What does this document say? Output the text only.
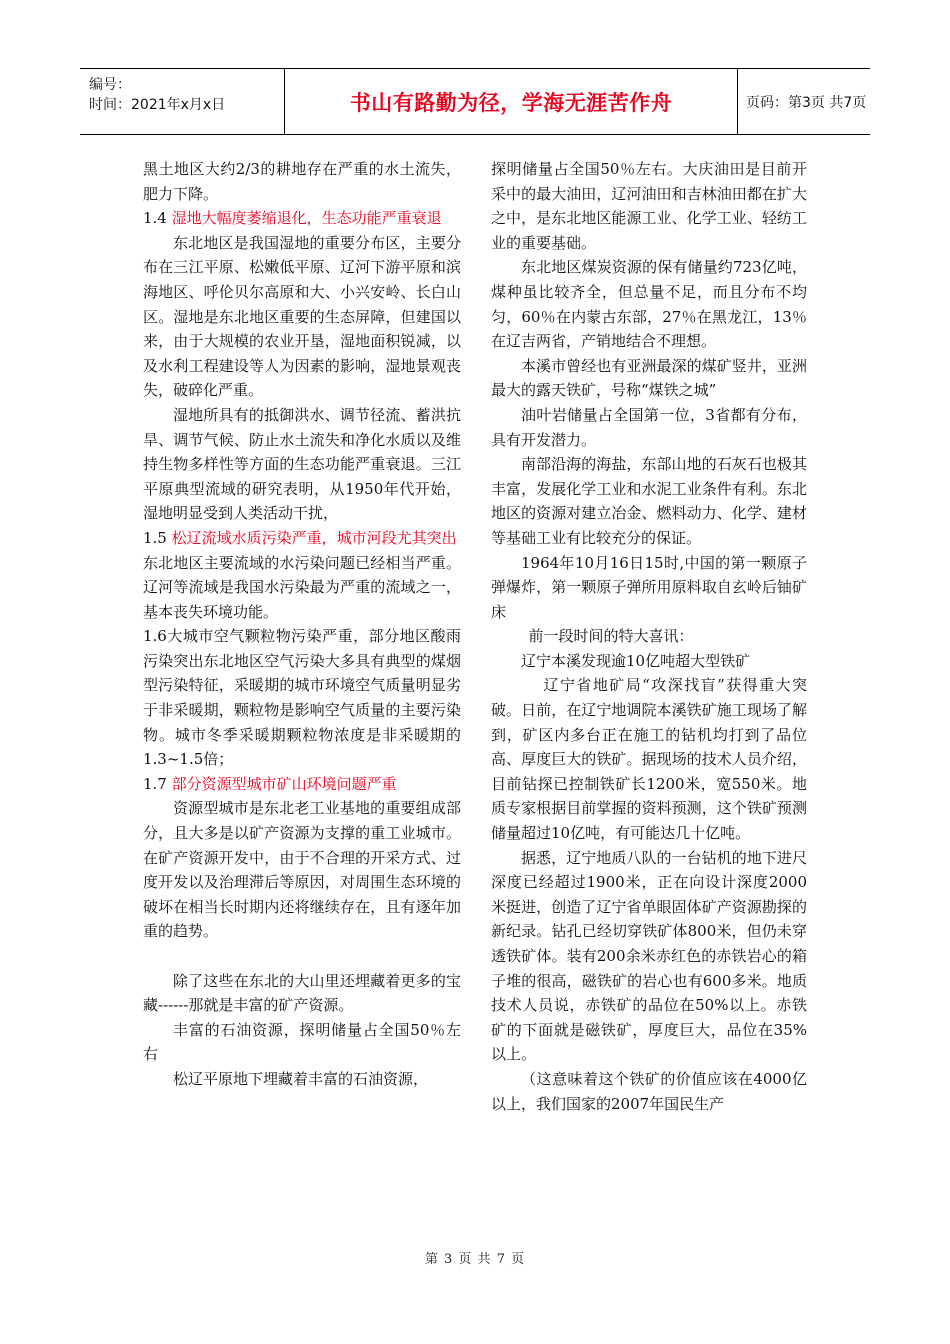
编号：
时间：2021年x月x日	书山有路勤为径，学海无涯苦作舟	页码：第3页 共7页

黑土地区大约2/3的耕地存在严重的水土流失，肥力下降。

1.4 湿地大幅度萎缩退化，生态功能严重衰退

东北地区是我国湿地的重要分布区，主要分布在三江平原、松嫩低平原、辽河下游平原和滨海地区、呼伦贝尔高原和大、小兴安岭、长白山区。湿地是东北地区重要的生态屏障，但建国以来，由于大规模的农业开垦，湿地面积锐减，以及水利工程建设等人为因素的影响，湿地景观丧失，破碎化严重。

湿地所具有的抵御洪水、调节径流、蓄洪抗旱、调节气候、防止水土流失和净化水质以及维持生物多样性等方面的生态功能严重衰退。三江平原典型流域的研究表明，从1950年代开始，湿地明显受到人类活动干扰，

1.5 松辽流域水质污染严重，城市河段尤其突出

东北地区主要流域的水污染问题已经相当严重。辽河等流域是我国水污染最为严重的流域之一，基本丧失环境功能。

1.6大城市空气颗粒物污染严重，部分地区酸雨污染突出东北地区空气污染大多具有典型的煤烟型污染特征，采暖期的城市环境空气质量明显劣于非采暖期，颗粒物是影响空气质量的主要污染物。城市冬季采暖期颗粒物浓度是非采暖期的1.3~1.5倍；

1.7 部分资源型城市矿山环境问题严重

资源型城市是东北老工业基地的重要组成部分，且大多是以矿产资源为支撑的重工业城市。在矿产资源开发中，由于不合理的开采方式、过度开发以及治理滞后等原因，对周围生态环境的破坏在相当长时期内还将继续存在，且有逐年加重的趋势。

除了这些在东北的大山里还埋藏着更多的宝藏------那就是丰富的矿产资源。

丰富的石油资源，探明储量占全国50％左右

松辽平原地下埋藏着丰富的石油资源，

探明储量占全国50％左右。大庆油田是目前开采中的最大油田，辽河油田和吉林油田都在扩大之中，是东北地区能源工业、化学工业、轻纺工业的重要基础。

东北地区煤炭资源的保有储量约723亿吨，煤种虽比较齐全，但总量不足，而且分布不均匀，60％在内蒙古东部，27％在黑龙江，13％在辽吉两省，产销地结合不理想。

本溪市曾经也有亚洲最深的煤矿竖井，亚洲最大的露天铁矿，号称“煤铁之城”

油叶岩储量占全国第一位，3省都有分布，具有开发潜力。

南部沿海的海盐，东部山地的石灰石也极其丰富，发展化学工业和水泥工业条件有利。东北地区的资源对建立冶金、燃料动力、化学、建材等基础工业有比较充分的保证。

1964年10月16日15时,中国的第一颗原子弹爆炸，第一颗原子弹所用原料取自玄岭后铀矿床

前一段时间的特大喜讯：

辽宁本溪发现逾10亿吨超大型铁矿

辽宁省地矿局“攻深找盲”获得重大突破。日前，在辽宁地调院本溪铁矿施工现场了解到，矿区内多台正在施工的钻机均打到了品位高、厚度巨大的铁矿。据现场的技术人员介绍，目前钻探已控制铁矿长1200米，宽550米。地质专家根据目前掌握的资料预测，这个铁矿预测储量超过10亿吨，有可能达几十亿吨。

据悉，辽宁地质八队的一台钻机的地下进尺深度已经超过1900米，正在向设计深度2000米挺进，创造了辽宁省单眼固体矿产资源勘探的新纪录。钻孔已经切穿铁矿体800米，但仍未穿透铁矿体。装有200余米赤红色的赤铁岩心的箱子堆的很高，磁铁矿的岩心也有600多米。地质技术人员说，赤铁矿的品位在50%以上。赤铁矿的下面就是磁铁矿，厚度巨大，品位在35%以上。

（这意味着这个铁矿的价值应该在4000亿以上，我们国家的2007年国民生产

第 3 页 共 7 页
